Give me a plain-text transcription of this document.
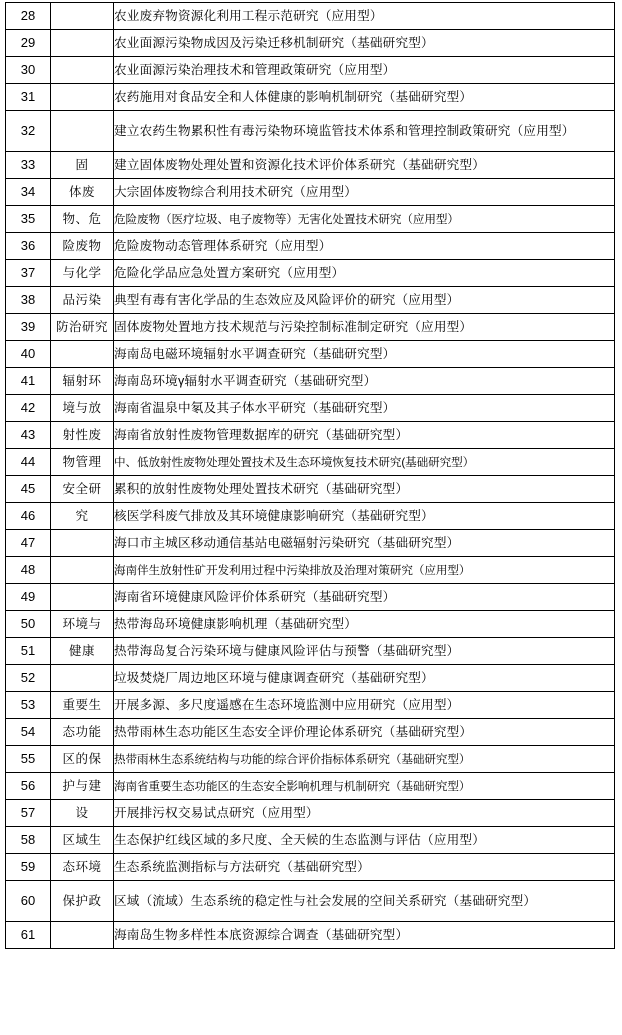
28		农业废弃物资源化利用工程示范研究（应用型）
29		农业面源污染物成因及污染迁移机制研究（基础研究型）
30		农业面源污染治理技术和管理政策研究（应用型）
31		农药施用对食品安全和人体健康的影响机制研究（基础研究型）
32		建立农药生物累积性有毒污染物环境监管技术体系和管理控制政策研究（应用型）
33	固	建立固体废物处理处置和资源化技术评价体系研究（基础研究型）
34	体废	大宗固体废物综合利用技术研究（应用型）
35	物、危	危险废物（医疗垃圾、电子废物等）无害化处置技术研究（应用型）
36	险废物	危险废物动态管理体系研究（应用型）
37	与化学	危险化学品应急处置方案研究（应用型）
38	品污染	典型有毒有害化学品的生态效应及风险评价的研究（应用型）
39	防治研究	固体废物处置地方技术规范与污染控制标准制定研究（应用型）
40		海南岛电磁环境辐射水平调查研究（基础研究型）
41	辐射环	海南岛环境γ辐射水平调查研究（基础研究型）
42	境与放	海南省温泉中氡及其子体水平研究（基础研究型）
43	射性废	海南省放射性废物管理数据库的研究（基础研究型）
44	物管理	中、低放射性废物处理处置技术及生态环境恢复技术研究(基础研究型）
45	安全研	累积的放射性废物处理处置技术研究（基础研究型）
46	究	核医学科废气排放及其环境健康影响研究（基础研究型）
47		海口市主城区移动通信基站电磁辐射污染研究（基础研究型）
48		海南伴生放射性矿开发利用过程中污染排放及治理对策研究（应用型）
49		海南省环境健康风险评价体系研究（基础研究型）
50	环境与	热带海岛环境健康影响机理（基础研究型）
51	健康	热带海岛复合污染环境与健康风险评估与预警（基础研究型）
52		垃圾焚烧厂周边地区环境与健康调查研究（基础研究型）
53	重要生	开展多源、多尺度遥感在生态环境监测中应用研究（应用型）
54	态功能	热带雨林生态功能区生态安全评价理论体系研究（基础研究型）
55	区的保	热带雨林生态系统结构与功能的综合评价指标体系研究（基础研究型）
56	护与建	海南省重要生态功能区的生态安全影响机理与机制研究（基础研究型）
57	设	开展排污权交易试点研究（应用型）
58	区域生	生态保护红线区域的多尺度、全天候的生态监测与评估（应用型）
59	态环境	生态系统监测指标与方法研究（基础研究型）
60	保护政	区域（流域）生态系统的稳定性与社会发展的空间关系研究（基础研究型）
61		海南岛生物多样性本底资源综合调查（基础研究型）
